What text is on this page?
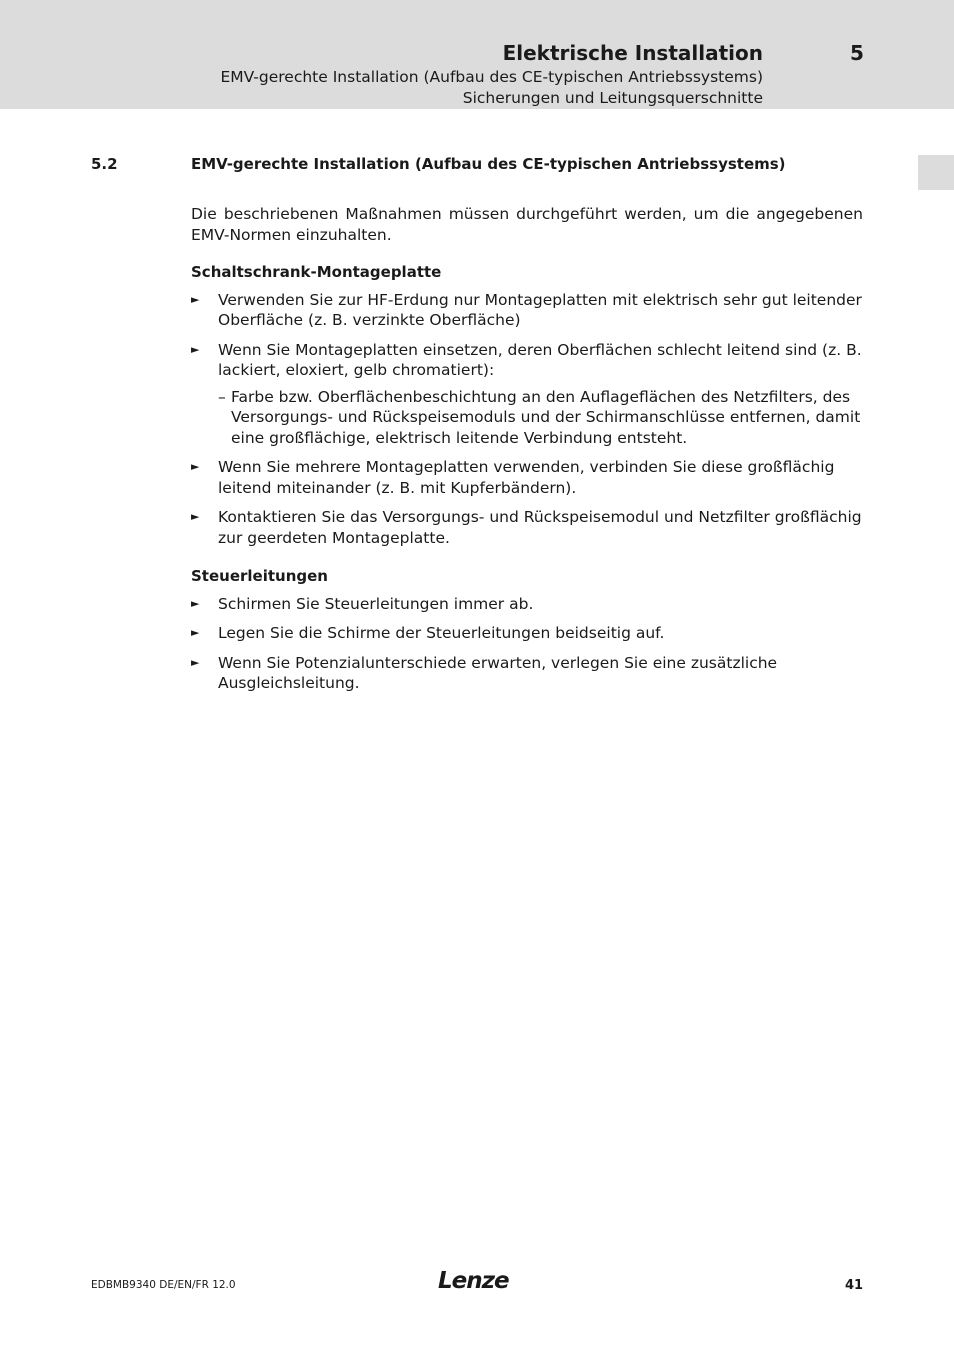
Elektrische Installation	5
EMV-gerechte Installation (Aufbau des CE-typischen Antriebssystems)
Sicherungen und Leitungsquerschnitte
5.2	EMV-gerechte Installation (Aufbau des CE-typischen Antriebssystems)

Die beschriebenen Maßnahmen müssen durchgeführt werden, um die angegebenen EMV-Normen einzuhalten.

Schaltschrank-Montageplatte
► Verwenden Sie zur HF-Erdung nur Montageplatten mit elektrisch sehr gut leitender Oberfläche (z. B. verzinkte Oberfläche)
► Wenn Sie Montageplatten einsetzen, deren Oberflächen schlecht leitend sind (z. B. lackiert, eloxiert, gelb chromatiert):
– Farbe bzw. Oberflächenbeschichtung an den Auflageflächen des Netzfilters, des Versorgungs- und Rückspeisemoduls und der Schirmanschlüsse entfernen, damit eine großflächige, elektrisch leitende Verbindung entsteht.
► Wenn Sie mehrere Montageplatten verwenden, verbinden Sie diese großflächig leitend miteinander (z. B. mit Kupferbändern).
► Kontaktieren Sie das Versorgungs- und Rückspeisemodul und Netzfilter großflächig zur geerdeten Montageplatte.
Steuerleitungen
► Schirmen Sie Steuerleitungen immer ab.
► Legen Sie die Schirme der Steuerleitungen beidseitig auf.
► Wenn Sie Potenzialunterschiede erwarten, verlegen Sie eine zusätzliche Ausgleichsleitung.
EDBMB9340 DE/EN/FR 12.0	Lenze	41
